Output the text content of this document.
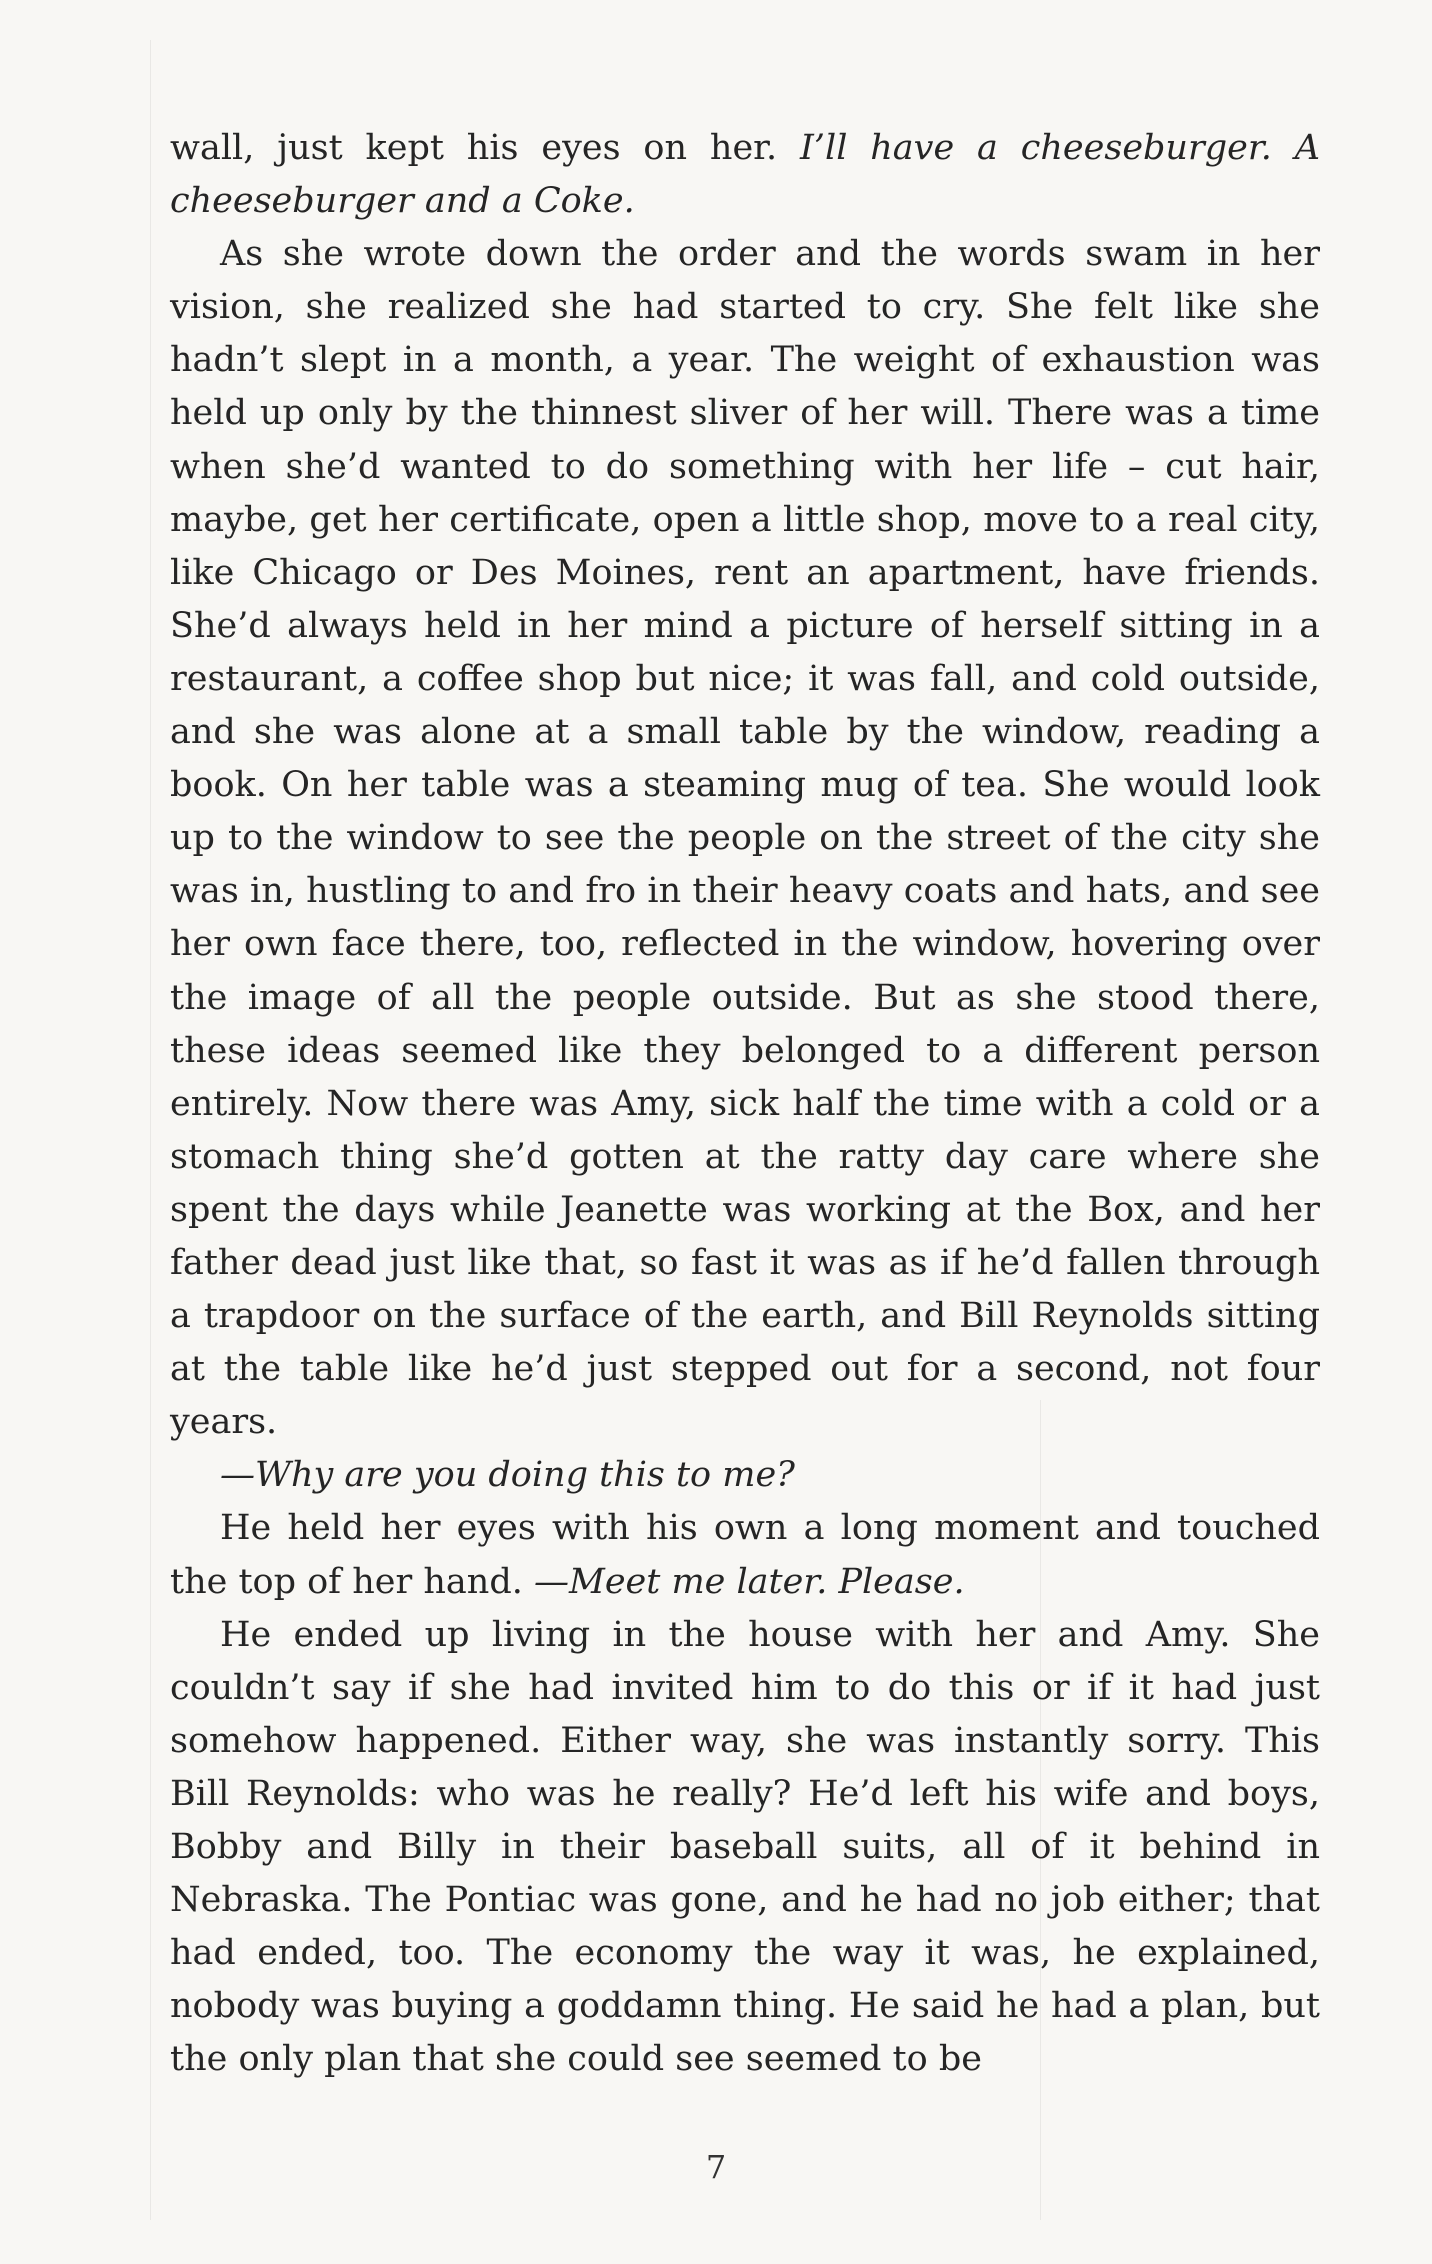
wall, just kept his eyes on her. I’ll have a cheeseburger. A cheeseburger and a Coke.

As she wrote down the order and the words swam in her vision, she realized she had started to cry. She felt like she hadn’t slept in a month, a year. The weight of exhaustion was held up only by the thinnest sliver of her will. There was a time when she’d wanted to do something with her life – cut hair, maybe, get her certificate, open a little shop, move to a real city, like Chicago or Des Moines, rent an apartment, have friends. She’d always held in her mind a picture of herself sitting in a restaurant, a coffee shop but nice; it was fall, and cold outside, and she was alone at a small table by the window, reading a book. On her table was a steaming mug of tea. She would look up to the window to see the people on the street of the city she was in, hustling to and fro in their heavy coats and hats, and see her own face there, too, reflected in the window, hovering over the image of all the people outside. But as she stood there, these ideas seemed like they belonged to a different person entirely. Now there was Amy, sick half the time with a cold or a stomach thing she’d gotten at the ratty day care where she spent the days while Jeanette was working at the Box, and her father dead just like that, so fast it was as if he’d fallen through a trapdoor on the surface of the earth, and Bill Reynolds sitting at the table like he’d just stepped out for a second, not four years.

—Why are you doing this to me?

He held her eyes with his own a long moment and touched the top of her hand. —Meet me later. Please.

He ended up living in the house with her and Amy. She couldn’t say if she had invited him to do this or if it had just somehow happened. Either way, she was instantly sorry. This Bill Reynolds: who was he really? He’d left his wife and boys, Bobby and Billy in their baseball suits, all of it behind in Nebraska. The Pontiac was gone, and he had no job either; that had ended, too. The economy the way it was, he explained, nobody was buying a goddamn thing. He said he had a plan, but the only plan that she could see seemed to be

7
